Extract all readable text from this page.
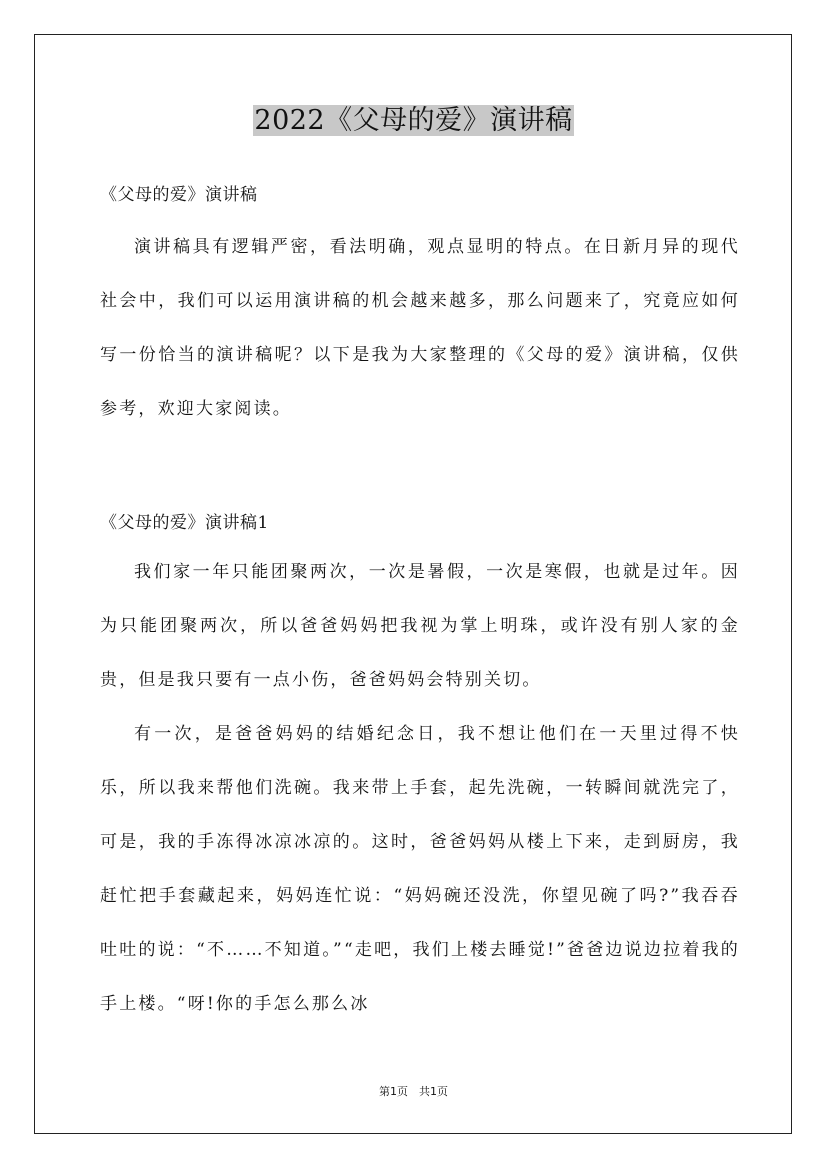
2022《父母的爱》演讲稿
《父母的爱》演讲稿

演讲稿具有逻辑严密，看法明确，观点显明的特点。在日新月异的现代社会中，我们可以运用演讲稿的机会越来越多，那么问题来了，究竟应如何写一份恰当的演讲稿呢？以下是我为大家整理的《父母的爱》演讲稿，仅供参考，欢迎大家阅读。

《父母的爱》演讲稿1

我们家一年只能团聚两次，一次是暑假，一次是寒假，也就是过年。因为只能团聚两次，所以爸爸妈妈把我视为掌上明珠，或许没有别人家的金贵，但是我只要有一点小伤，爸爸妈妈会特别关切。

有一次，是爸爸妈妈的结婚纪念日，我不想让他们在一天里过得不快乐，所以我来帮他们洗碗。我来带上手套，起先洗碗，一转瞬间就洗完了，可是，我的手冻得冰凉冰凉的。这时，爸爸妈妈从楼上下来，走到厨房，我赶忙把手套藏起来，妈妈连忙说：“妈妈碗还没洗，你望见碗了吗?”我吞吞吐吐的说：“不……不知道。”“走吧，我们上楼去睡觉!”爸爸边说边拉着我的手上楼。“呀!你的手怎么那么冰

第1页　共1页
